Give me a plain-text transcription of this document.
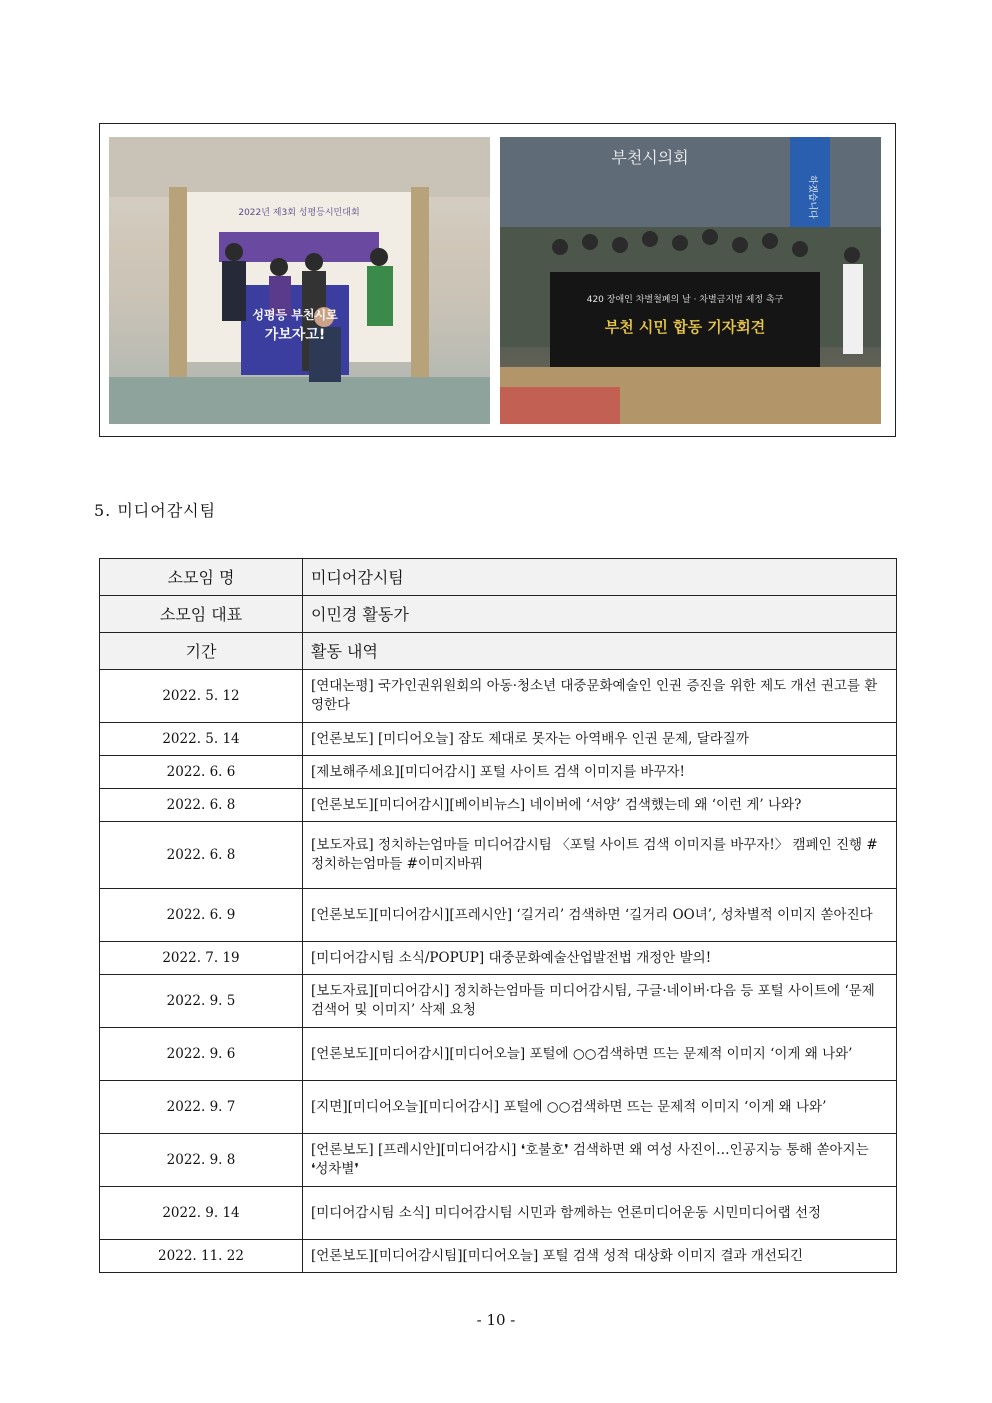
2022년 제3회 성평등시민대회
성평등 부천시로
가보자고!
부천시의회
하겠습니다
420 장애인 차별철폐의 날 · 차별금지법 제정 촉구
부천 시민 합동 기자회견
5. 미디어감시팀
소모임 명	미디어감시팀
소모임 대표	이민경 활동가
기간	활동 내역
2022. 5. 12	[연대논평] 국가인권위원회의 아동·청소년 대중문화예술인 인권 증진을 위한 제도 개선 권고를 환영한다
2022. 5. 14	[언론보도] [미디어오늘] 잠도 제대로 못자는 아역배우 인권 문제, 달라질까
2022. 6. 6	[제보해주세요][미디어감시] 포털 사이트 검색 이미지를 바꾸자!
2022. 6. 8	[언론보도][미디어감시][베이비뉴스] 네이버에 ‘서양’ 검색했는데 왜 ‘이런 게’ 나와?
2022. 6. 8	[보도자료] 정치하는엄마들 미디어감시팀 〈포털 사이트 검색 이미지를 바꾸자!〉 캠페인 진행 #정치하는엄마들 #이미지바꿔
2022. 6. 9	[언론보도][미디어감시][프레시안] ‘길거리’ 검색하면 ‘길거리 OO녀’, 성차별적 이미지 쏟아진다
2022. 7. 19	[미디어감시팀 소식/POPUP] 대중문화예술산업발전법 개정안 발의!
2022. 9. 5	[보도자료][미디어감시] 정치하는엄마들 미디어감시팀, 구글·네이버·다음 등 포털 사이트에 ‘문제 검색어 및 이미지’ 삭제 요청
2022. 9. 6	[언론보도][미디어감시][미디어오늘] 포털에 ○○검색하면 뜨는 문제적 이미지 ‘이게 왜 나와’
2022. 9. 7	[지면][미디어오늘][미디어감시] 포털에 ○○검색하면 뜨는 문제적 이미지 ‘이게 왜 나와’
2022. 9. 8	[언론보도] [프레시안][미디어감시] ❛호불호❜ 검색하면 왜 여성 사진이…인공지능 통해 쏟아지는 ❛성차별❜
2022. 9. 14	[미디어감시팀 소식] 미디어감시팀 시민과 함께하는 언론미디어운동 시민미디어랩 선정
2022. 11. 22	[언론보도][미디어감시팀][미디어오늘] 포털 검색 성적 대상화 이미지 결과 개선되긴
- 10 -
